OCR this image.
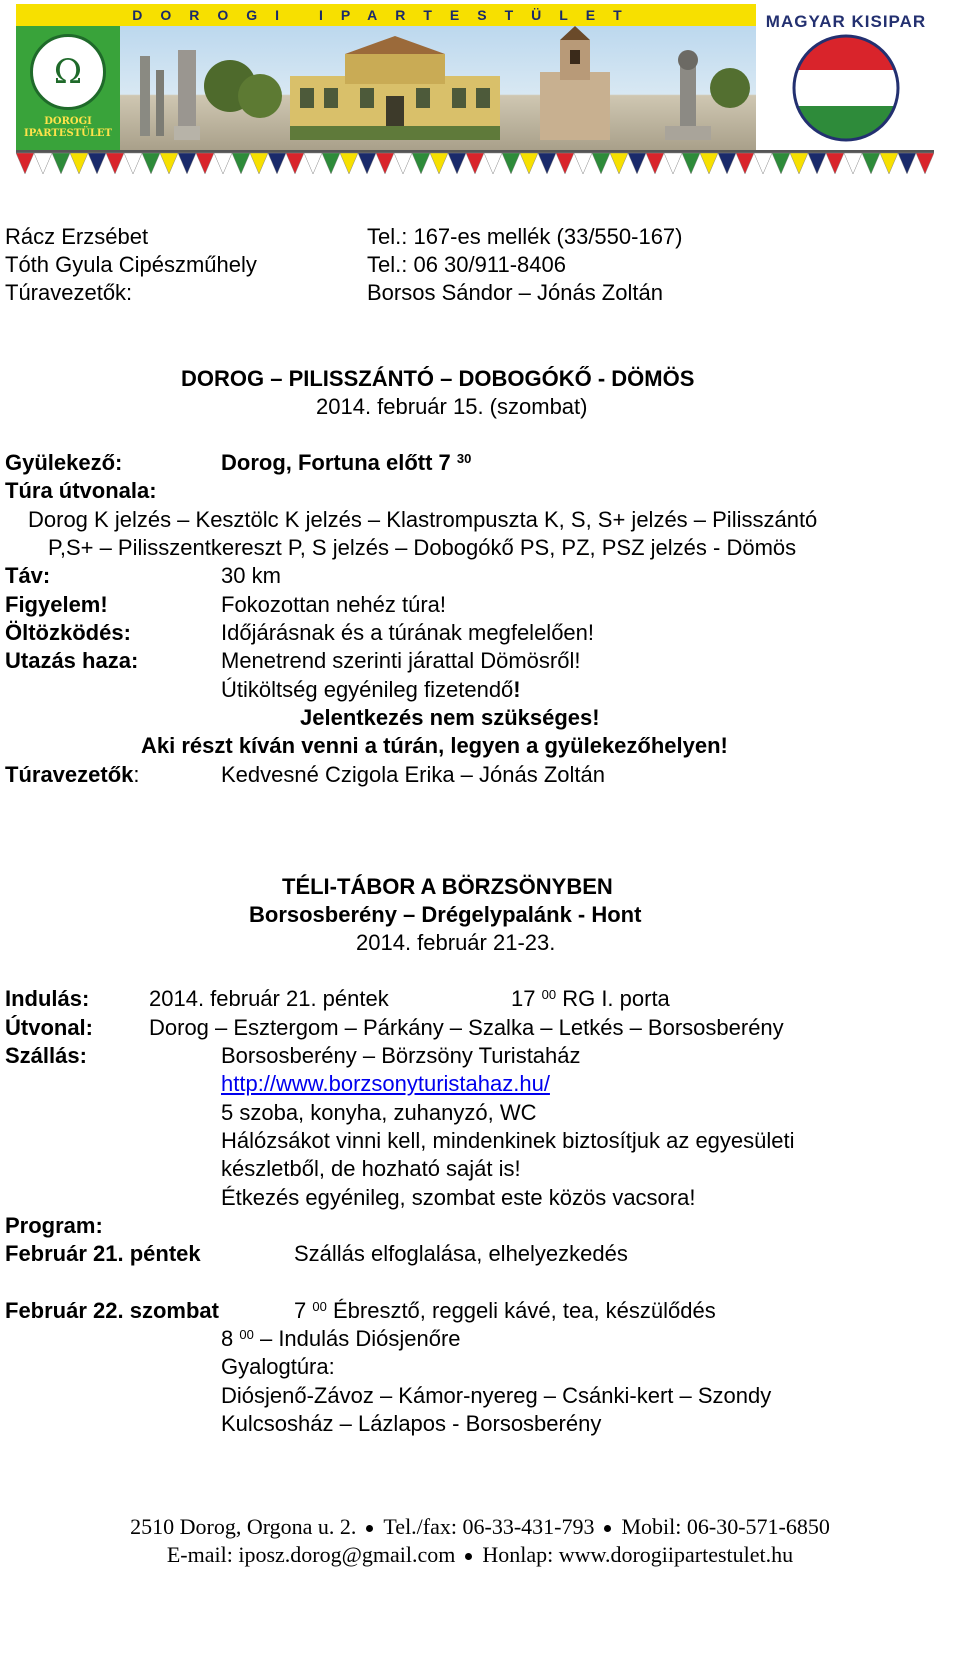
DOROGI IPARTESTÜLET
Ω
DOROGI IPARTESTÜLET
MAGYAR KISIPAR
Rácz Erzsébet	Tel.: 167-es mellék (33/550-167)
Tóth Gyula Cipészműhely	Tel.: 06 30/911-8406
Túravezetők:	Borsos Sándor – Jónás Zoltán
DOROG – PILISSZÁNTÓ – DOBOGÓKŐ - DÖMÖS
2014. február 15. (szombat)
Gyülekező:	Dorog, Fortuna előtt 7 $^{30}$
Túra útvonala:
Dorog K jelzés – Kesztölc K jelzés – Klastrompuszta K, S, S+ jelzés – Pilisszántó
P,S+ – Pilisszentkereszt P, S jelzés – Dobogókő PS, PZ, PSZ jelzés - Dömös
Táv:	30 km
Figyelem!	Fokozottan nehéz túra!
Öltözködés:	Időjárásnak és a túrának megfelelően!
Utazás haza:	Menetrend szerinti járattal Dömösről!
Útiköltség egyénileg fizetendő!
Jelentkezés nem szükséges!
Aki részt kíván venni a túrán, legyen a gyülekezőhelyen!
Túravezetők:	Kedvesné Czigola Erika – Jónás Zoltán
TÉLI-TÁBOR A BÖRZSÖNYBEN
Borsosberény – Drégelypalánk - Hont
2014. február 21-23.
Indulás:	2014. február 21. péntek	17 $^{00}$ RG I. porta
Útvonal:	Dorog – Esztergom – Párkány – Szalka – Letkés – Borsosberény
Szállás:	Borsosberény – Börzsöny Turistaház
http://www.borzsonyturistahaz.hu/
5 szoba, konyha, zuhanyzó, WC
Hálózsákot vinni kell, mindenkinek biztosítjuk az egyesületi
készletből, de hozható saját is!
Étkezés egyénileg, szombat este közös vacsora!
Program:
Február 21. péntek	Szállás elfoglalása, elhelyezkedés
Február 22. szombat	7 $^{00}$ Ébresztő, reggeli kávé, tea, készülődés
8 $^{00}$ – Indulás Diósjenőre
Gyalogtúra:
Diósjenő-Závoz – Kámor-nyereg – Csánki-kert – Szondy
Kulcsosház – Lázlapos - Borsosberény
2510 Dorog, Orgona u. 2. Tel./fax: 06-33-431-793 Mobil: 06-30-571-6850
E-mail: iposz.dorog@gmail.com Honlap: www.dorogiipartestulet.hu
